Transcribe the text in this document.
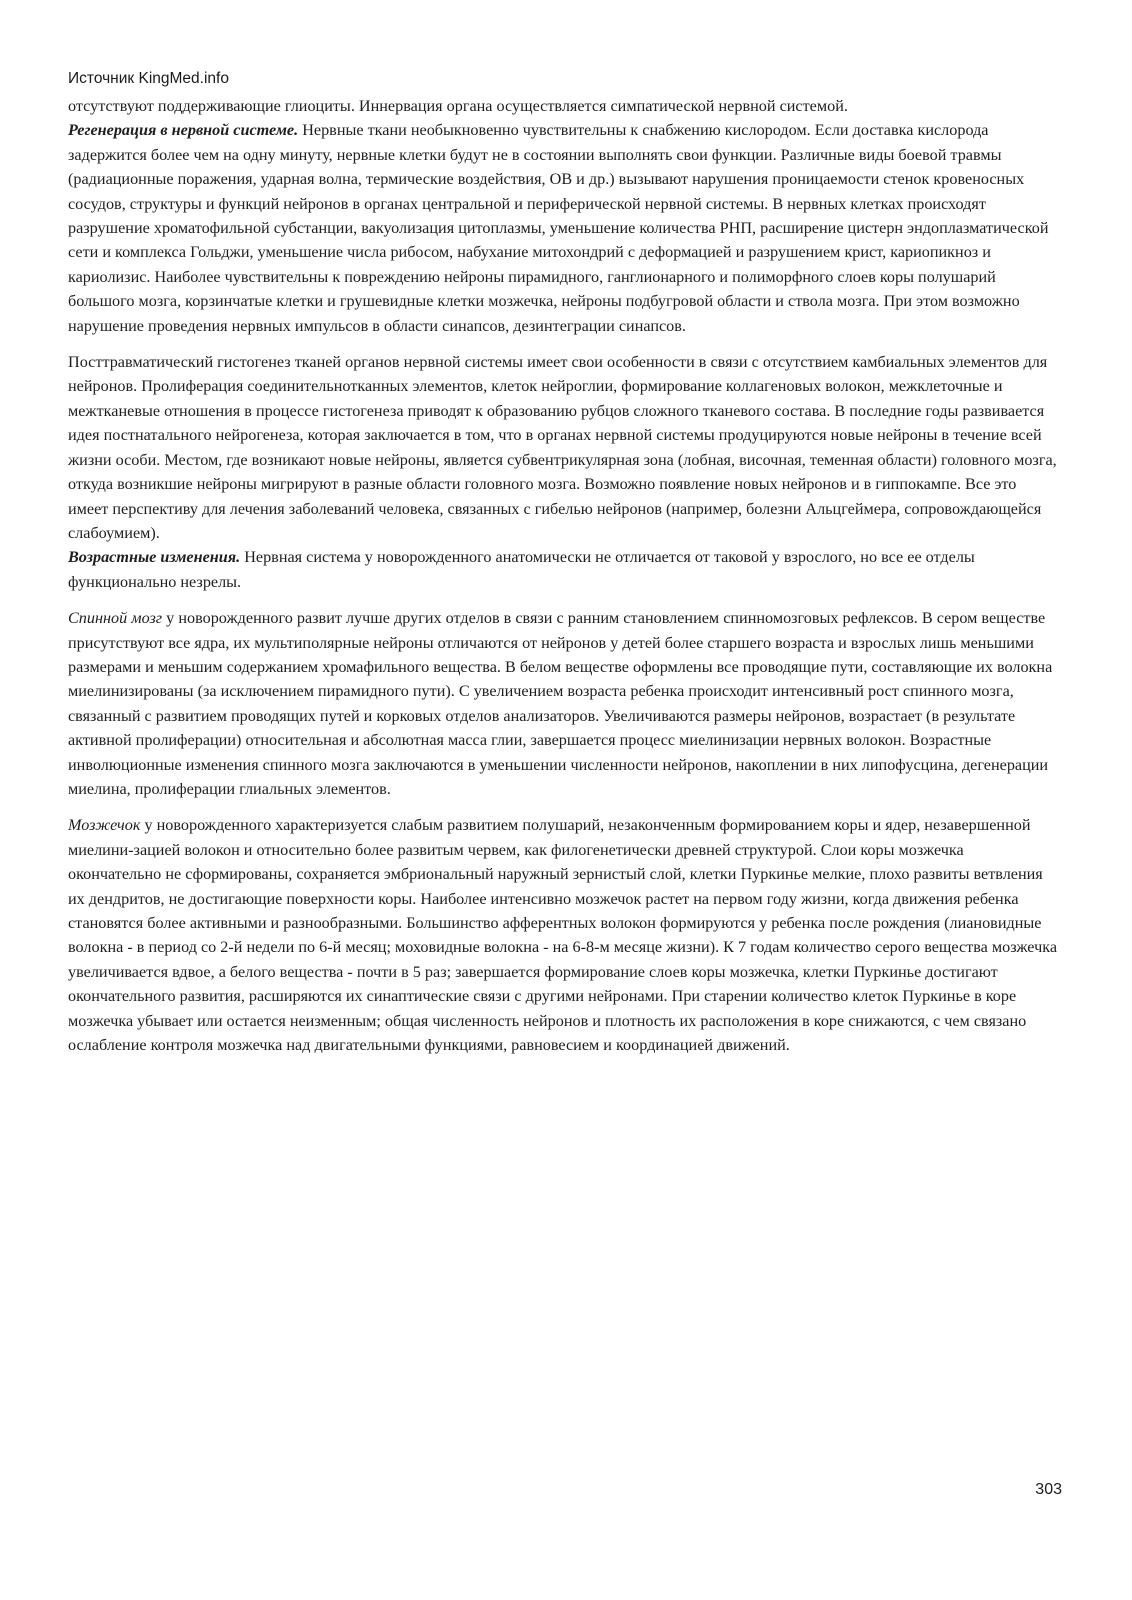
Источник KingMed.info

отсутствуют поддерживающие глиоциты. Иннервация органа осуществляется симпатической нервной системой.

Регенерация в нервной системе. Нервные ткани необыкновенно чувствительны к снабжению кислородом. Если доставка кислорода задержится более чем на одну минуту, нервные клетки будут не в состоянии выполнять свои функции. Различные виды боевой травмы (радиационные поражения, ударная волна, термические воздействия, ОВ и др.) вызывают нарушения проницаемости стенок кровеносных сосудов, структуры и функций нейронов в органах центральной и периферической нервной системы. В нервных клетках происходят разрушение хроматофильной субстанции, вакуолизация цитоплазмы, уменьшение количества РНП, расширение цистерн эндоплазматической сети и комплекса Гольджи, уменьшение числа рибосом, набухание митохондрий с деформацией и разрушением крист, кариопикноз и кариолизис. Наиболее чувствительны к повреждению нейроны пирамидного, ганглионарного и полиморфного слоев коры полушарий большого мозга, корзинчатые клетки и грушевидные клетки мозжечка, нейроны подбугровой области и ствола мозга. При этом возможно нарушение проведения нервных импульсов в области синапсов, дезинтеграции синапсов.

Посттравматический гистогенез тканей органов нервной системы имеет свои особенности в связи с отсутствием камбиальных элементов для нейронов. Пролиферация соединительнотканных элементов, клеток нейроглии, формирование коллагеновых волокон, межклеточные и межтканевые отношения в процессе гистогенеза приводят к образованию рубцов сложного тканевого состава. В последние годы развивается идея постнатального нейрогенеза, которая заключается в том, что в органах нервной системы продуцируются новые нейроны в течение всей жизни особи. Местом, где возникают новые нейроны, является субвентрикулярная зона (лобная, височная, теменная области) головного мозга, откуда возникшие нейроны мигрируют в разные области головного мозга. Возможно появление новых нейронов и в гиппокампе. Все это имеет перспективу для лечения заболеваний человека, связанных с гибелью нейронов (например, болезни Альцгеймера, сопровождающейся слабоумием).

Возрастные изменения. Нервная система у новорожденного анатомически не отличается от таковой у взрослого, но все ее отделы функционально незрелы.

Спинной мозг у новорожденного развит лучше других отделов в связи с ранним становлением спинномозговых рефлексов. В сером веществе присутствуют все ядра, их мультиполярные нейроны отличаются от нейронов у детей более старшего возраста и взрослых лишь меньшими размерами и меньшим содержанием хромафильного вещества. В белом веществе оформлены все проводящие пути, составляющие их волокна миелинизированы (за исключением пирамидного пути). С увеличением возраста ребенка происходит интенсивный рост спинного мозга, связанный с развитием проводящих путей и корковых отделов анализаторов. Увеличиваются размеры нейронов, возрастает (в результате активной пролиферации) относительная и абсолютная масса глии, завершается процесс миелинизации нервных волокон. Возрастные инволюционные изменения спинного мозга заключаются в уменьшении численности нейронов, накоплении в них липофусцина, дегенерации миелина, пролиферации глиальных элементов.

Мозжечок у новорожденного характеризуется слабым развитием полушарий, незаконченным формированием коры и ядер, незавершенной миелини-зацией волокон и относительно более развитым червем, как филогенетически древней структурой. Слои коры мозжечка окончательно не сформированы, сохраняется эмбриональный наружный зернистый слой, клетки Пуркинье мелкие, плохо развиты ветвления их дендритов, не достигающие поверхности коры. Наиболее интенсивно мозжечок растет на первом году жизни, когда движения ребенка становятся более активными и разнообразными. Большинство афферентных волокон формируются у ребенка после рождения (лиановидные волокна - в период со 2-й недели по 6-й месяц; моховидные волокна - на 6-8-м месяце жизни). К 7 годам количество серого вещества мозжечка увеличивается вдвое, а белого вещества - почти в 5 раз; завершается формирование слоев коры мозжечка, клетки Пуркинье достигают окончательного развития, расширяются их синаптические связи с другими нейронами. При старении количество клеток Пуркинье в коре мозжечка убывает или остается неизменным; общая численность нейронов и плотность их расположения в коре снижаются, с чем связано ослабление контроля мозжечка над двигательными функциями, равновесием и координацией движений.

303
